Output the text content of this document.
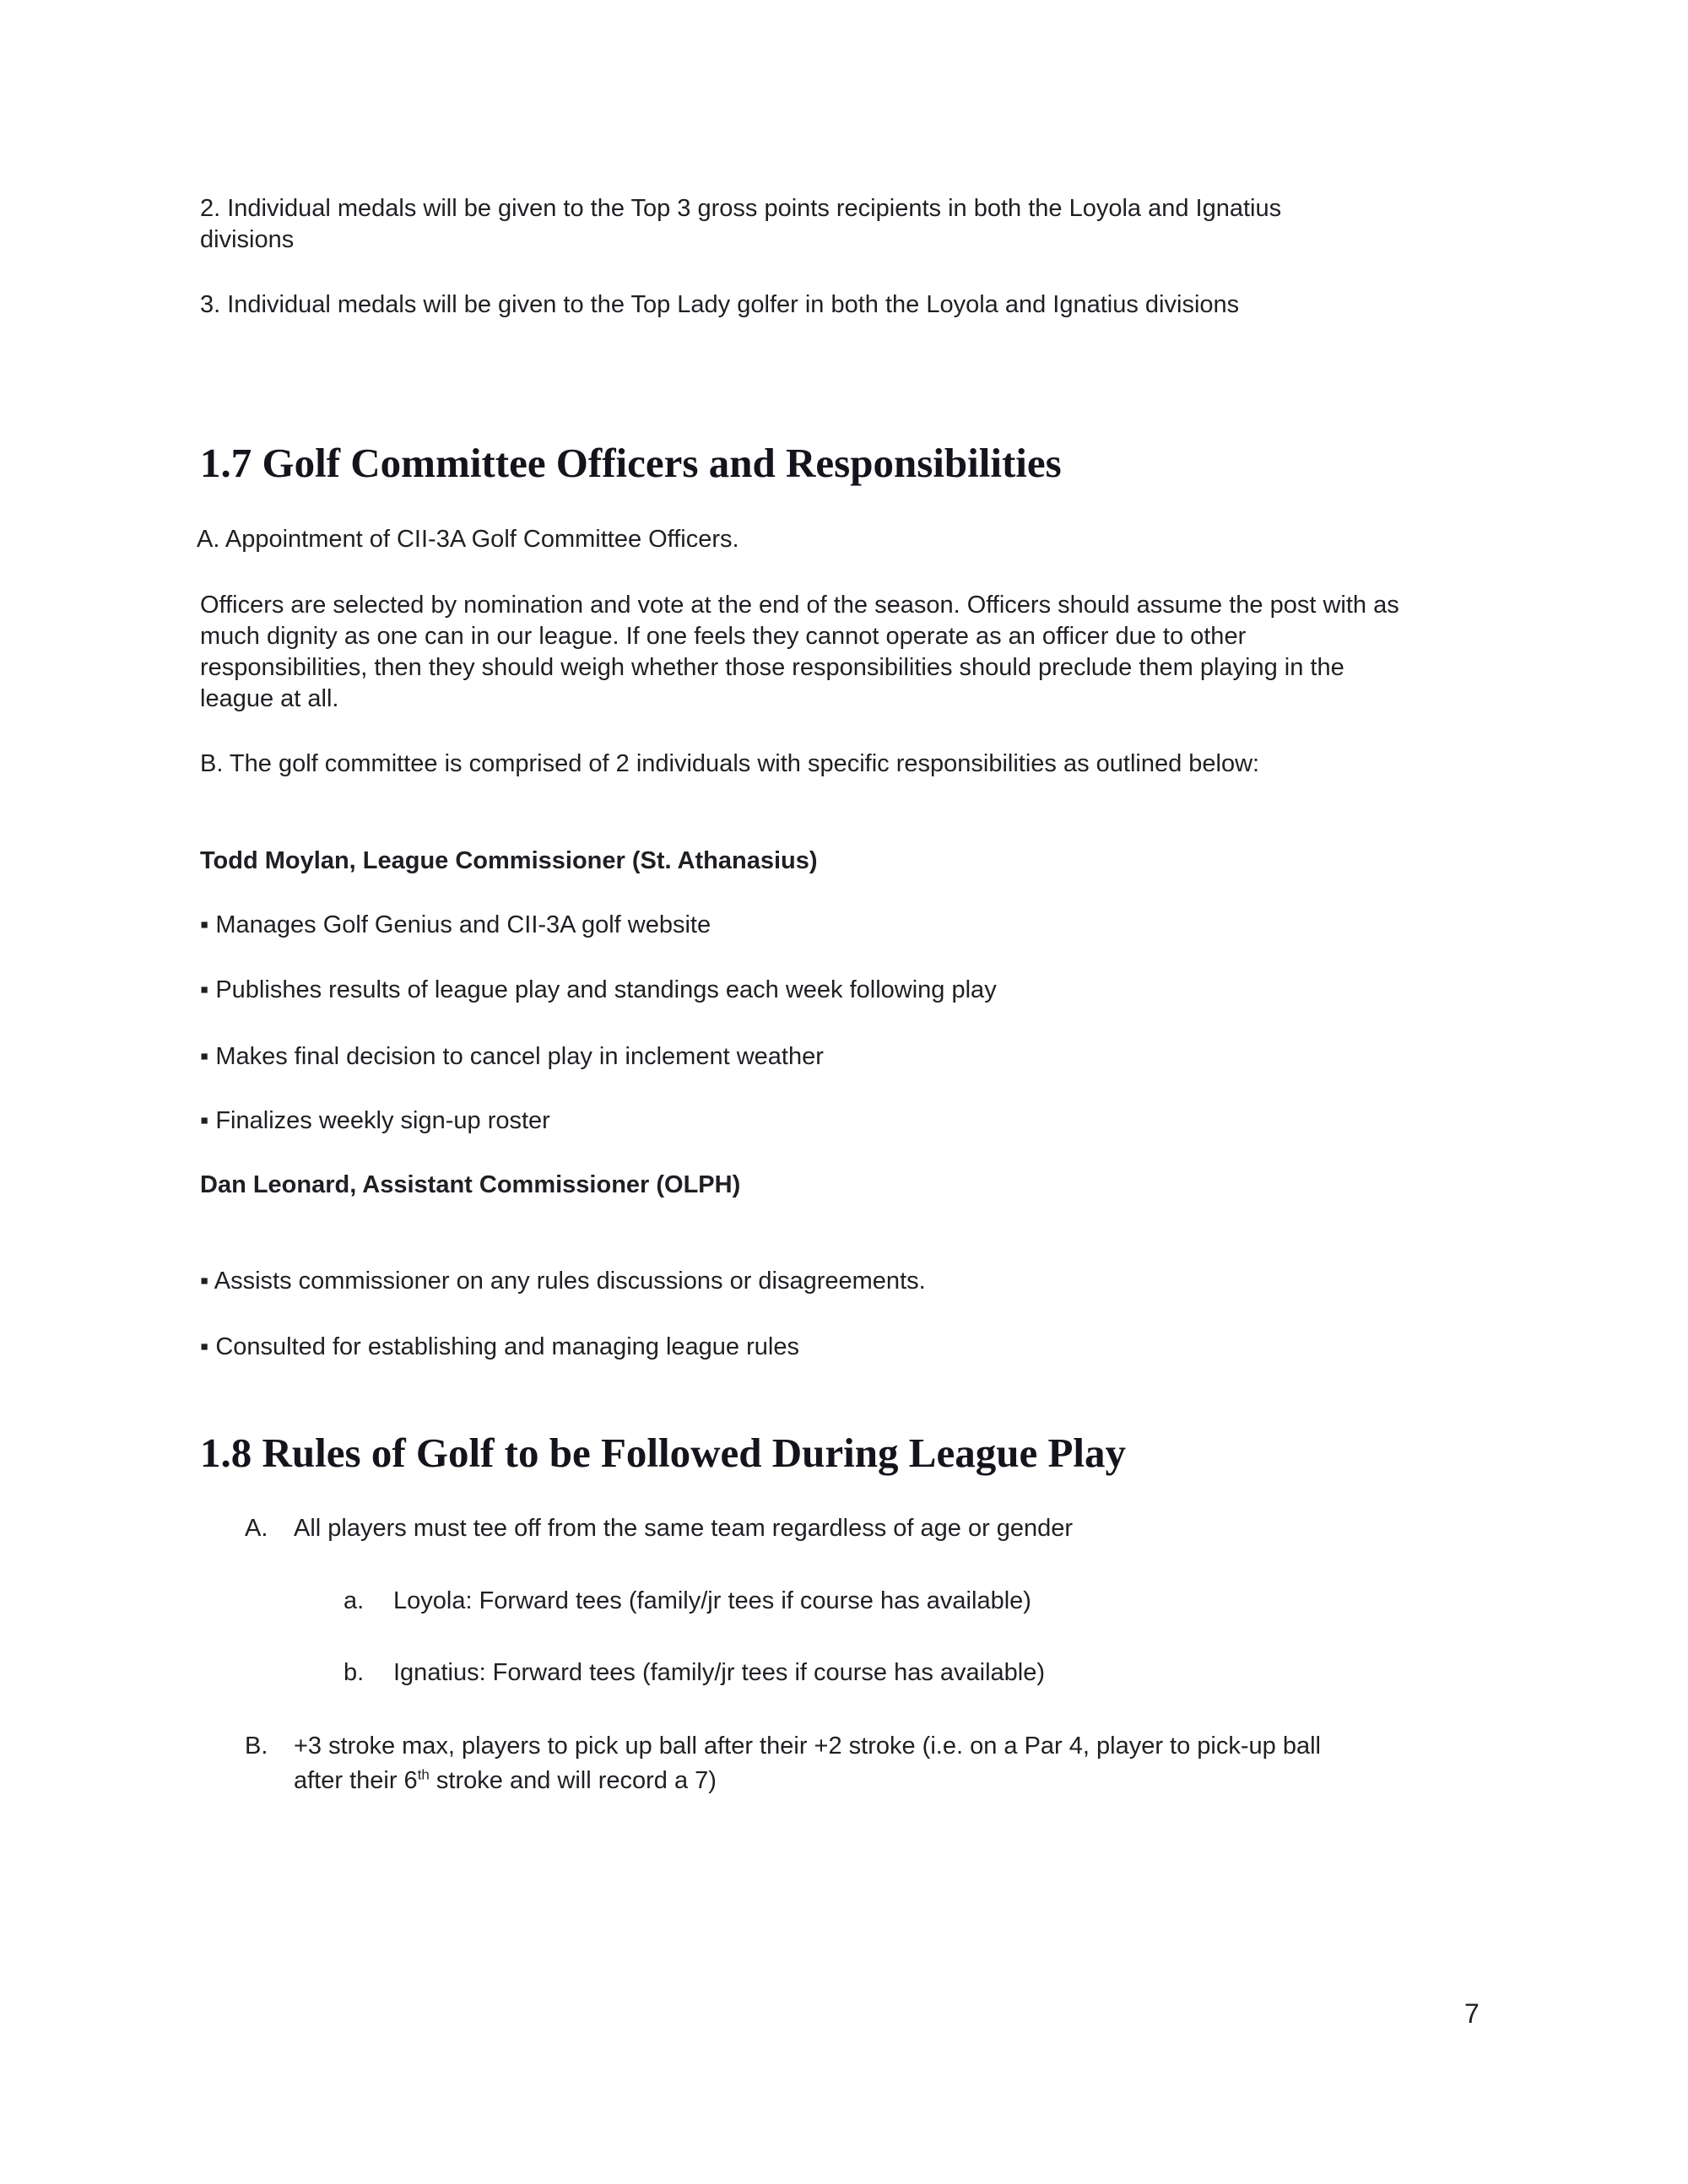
2. Individual medals will be given to the Top 3 gross points recipients in both the Loyola and Ignatius
divisions
3. Individual medals will be given to the Top Lady golfer in both the Loyola and Ignatius divisions
1.7 Golf Committee Officers and Responsibilities
A. Appointment of CII-3A Golf Committee Officers.
Officers are selected by nomination and vote at the end of the season. Officers should assume the post with as
much dignity as one can in our league. If one feels they cannot operate as an officer due to other
responsibilities, then they should weigh whether those responsibilities should preclude them playing in the
league at all.
B. The golf committee is comprised of 2 individuals with specific responsibilities as outlined below:
Todd Moylan, League Commissioner (St. Athanasius)
▪ Manages Golf Genius and CII-3A golf website
▪ Publishes results of league play and standings each week following play
▪ Makes final decision to cancel play in inclement weather
▪ Finalizes weekly sign-up roster
Dan Leonard, Assistant Commissioner (OLPH)
▪ Assists commissioner on any rules discussions or disagreements.
▪ Consulted for establishing and managing league rules
1.8 Rules of Golf to be Followed During League Play
A. All players must tee off from the same team regardless of age or gender
a. Loyola: Forward tees (family/jr tees if course has available)
b. Ignatius: Forward tees (family/jr tees if course has available)
B. +3 stroke max, players to pick up ball after their +2 stroke (i.e. on a Par 4, player to pick-up ball
after their 6th stroke and will record a 7)
7
